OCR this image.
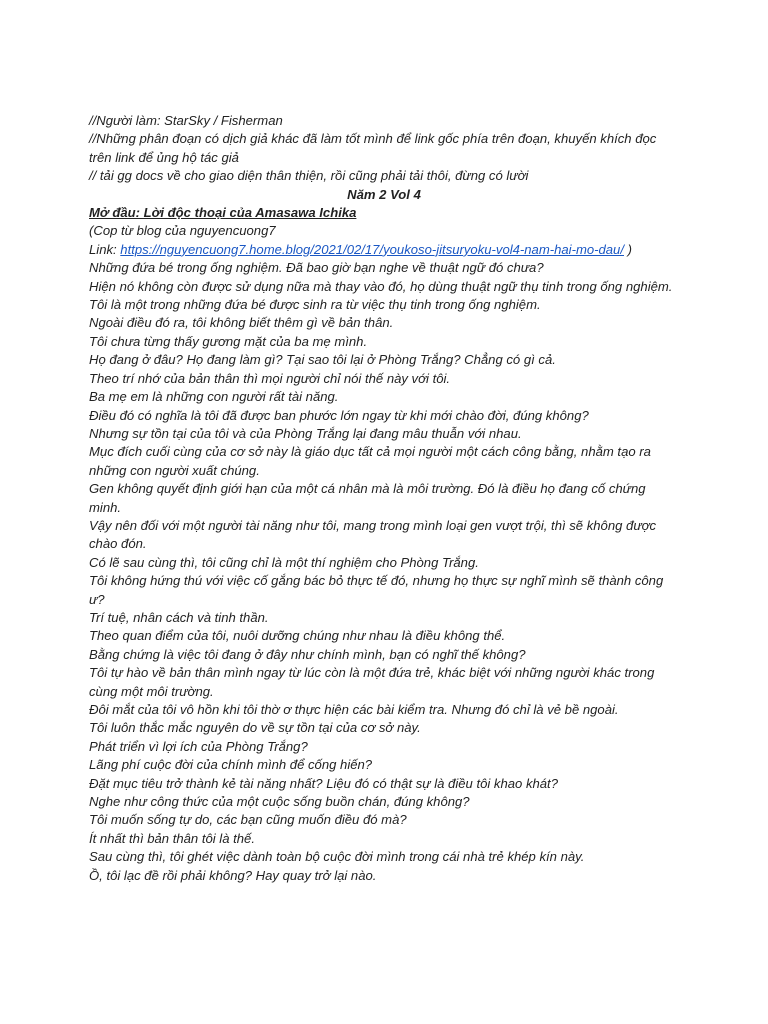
//Người làm: StarSky / Fisherman

//Những phân đoạn có dịch giả khác đã làm tốt mình để link gốc phía trên đoạn, khuyến khích đọc trên link để ủng hộ tác giả

// tải gg docs về cho giao diện thân thiện, rồi cũng phải tải thôi, đừng có lười

Năm 2 Vol 4

Mở đầu: Lời độc thoại của Amasawa Ichika

(Cop từ blog của nguyencuong7

Link: https://nguyencuong7.home.blog/2021/02/17/youkoso-jitsuryoku-vol4-nam-hai-mo-dau/ )

Những đứa bé trong ống nghiệm. Đã bao giờ bạn nghe về thuật ngữ đó chưa?

Hiện nó không còn được sử dụng nữa mà thay vào đó, họ dùng thuật ngữ thụ tinh trong ống nghiệm.

Tôi là một trong những đứa bé được sinh ra từ việc thụ tinh trong ống nghiệm.

Ngoài điều đó ra, tôi không biết thêm gì về bản thân.

Tôi chưa từng thấy gương mặt của ba mẹ mình.

Họ đang ở đâu? Họ đang làm gì? Tại sao tôi lại ở Phòng Trắng? Chẳng có gì cả.

Theo trí nhớ của bản thân thì mọi người chỉ nói thế này với tôi.

Ba mẹ em là những con người rất tài năng.

Điều đó có nghĩa là tôi đã được ban phước lớn ngay từ khi mới chào đời, đúng không?

Nhưng sự tồn tại của tôi và của Phòng Trắng lại đang mâu thuẫn với nhau.

Mục đích cuối cùng của cơ sở này là giáo dục tất cả mọi người một cách công bằng, nhằm tạo ra những con người xuất chúng.

Gen không quyết định giới hạn của một cá nhân mà là môi trường. Đó là điều họ đang cố chứng minh.

Vậy nên đối với một người tài năng như tôi, mang trong mình loại gen vượt trội, thì sẽ không được chào đón.

Có lẽ sau cùng thì, tôi cũng chỉ là một thí nghiệm cho Phòng Trắng.

Tôi không hứng thú với việc cố gắng bác bỏ thực tế đó, nhưng họ thực sự nghĩ mình sẽ thành công ư?

Trí tuệ, nhân cách và tinh thần.

Theo quan điểm của tôi, nuôi dưỡng chúng như nhau là điều không thể.

Bằng chứng là việc tôi đang ở đây như chính mình, bạn có nghĩ thế không?

Tôi tự hào về bản thân mình ngay từ lúc còn là một đứa trẻ, khác biệt với những người khác trong cùng một môi trường.

Đôi mắt của tôi vô hồn khi tôi thờ ơ thực hiện các bài kiểm tra. Nhưng đó chỉ là vẻ bề ngoài.

Tôi luôn thắc mắc nguyên do về sự tồn tại của cơ sở này.

Phát triển vì lợi ích của Phòng Trắng?

Lãng phí cuộc đời của chính mình để cống hiến?

Đặt mục tiêu trở thành kẻ tài năng nhất? Liệu đó có thật sự là điều tôi khao khát?

Nghe như công thức của một cuộc sống buồn chán, đúng không?

Tôi muốn sống tự do, các bạn cũng muốn điều đó mà?

Ít nhất thì bản thân tôi là thế.

Sau cùng thì, tôi ghét việc dành toàn bộ cuộc đời mình trong cái nhà trẻ khép kín này.

Ồ, tôi lạc đề rồi phải không? Hay quay trở lại nào.
